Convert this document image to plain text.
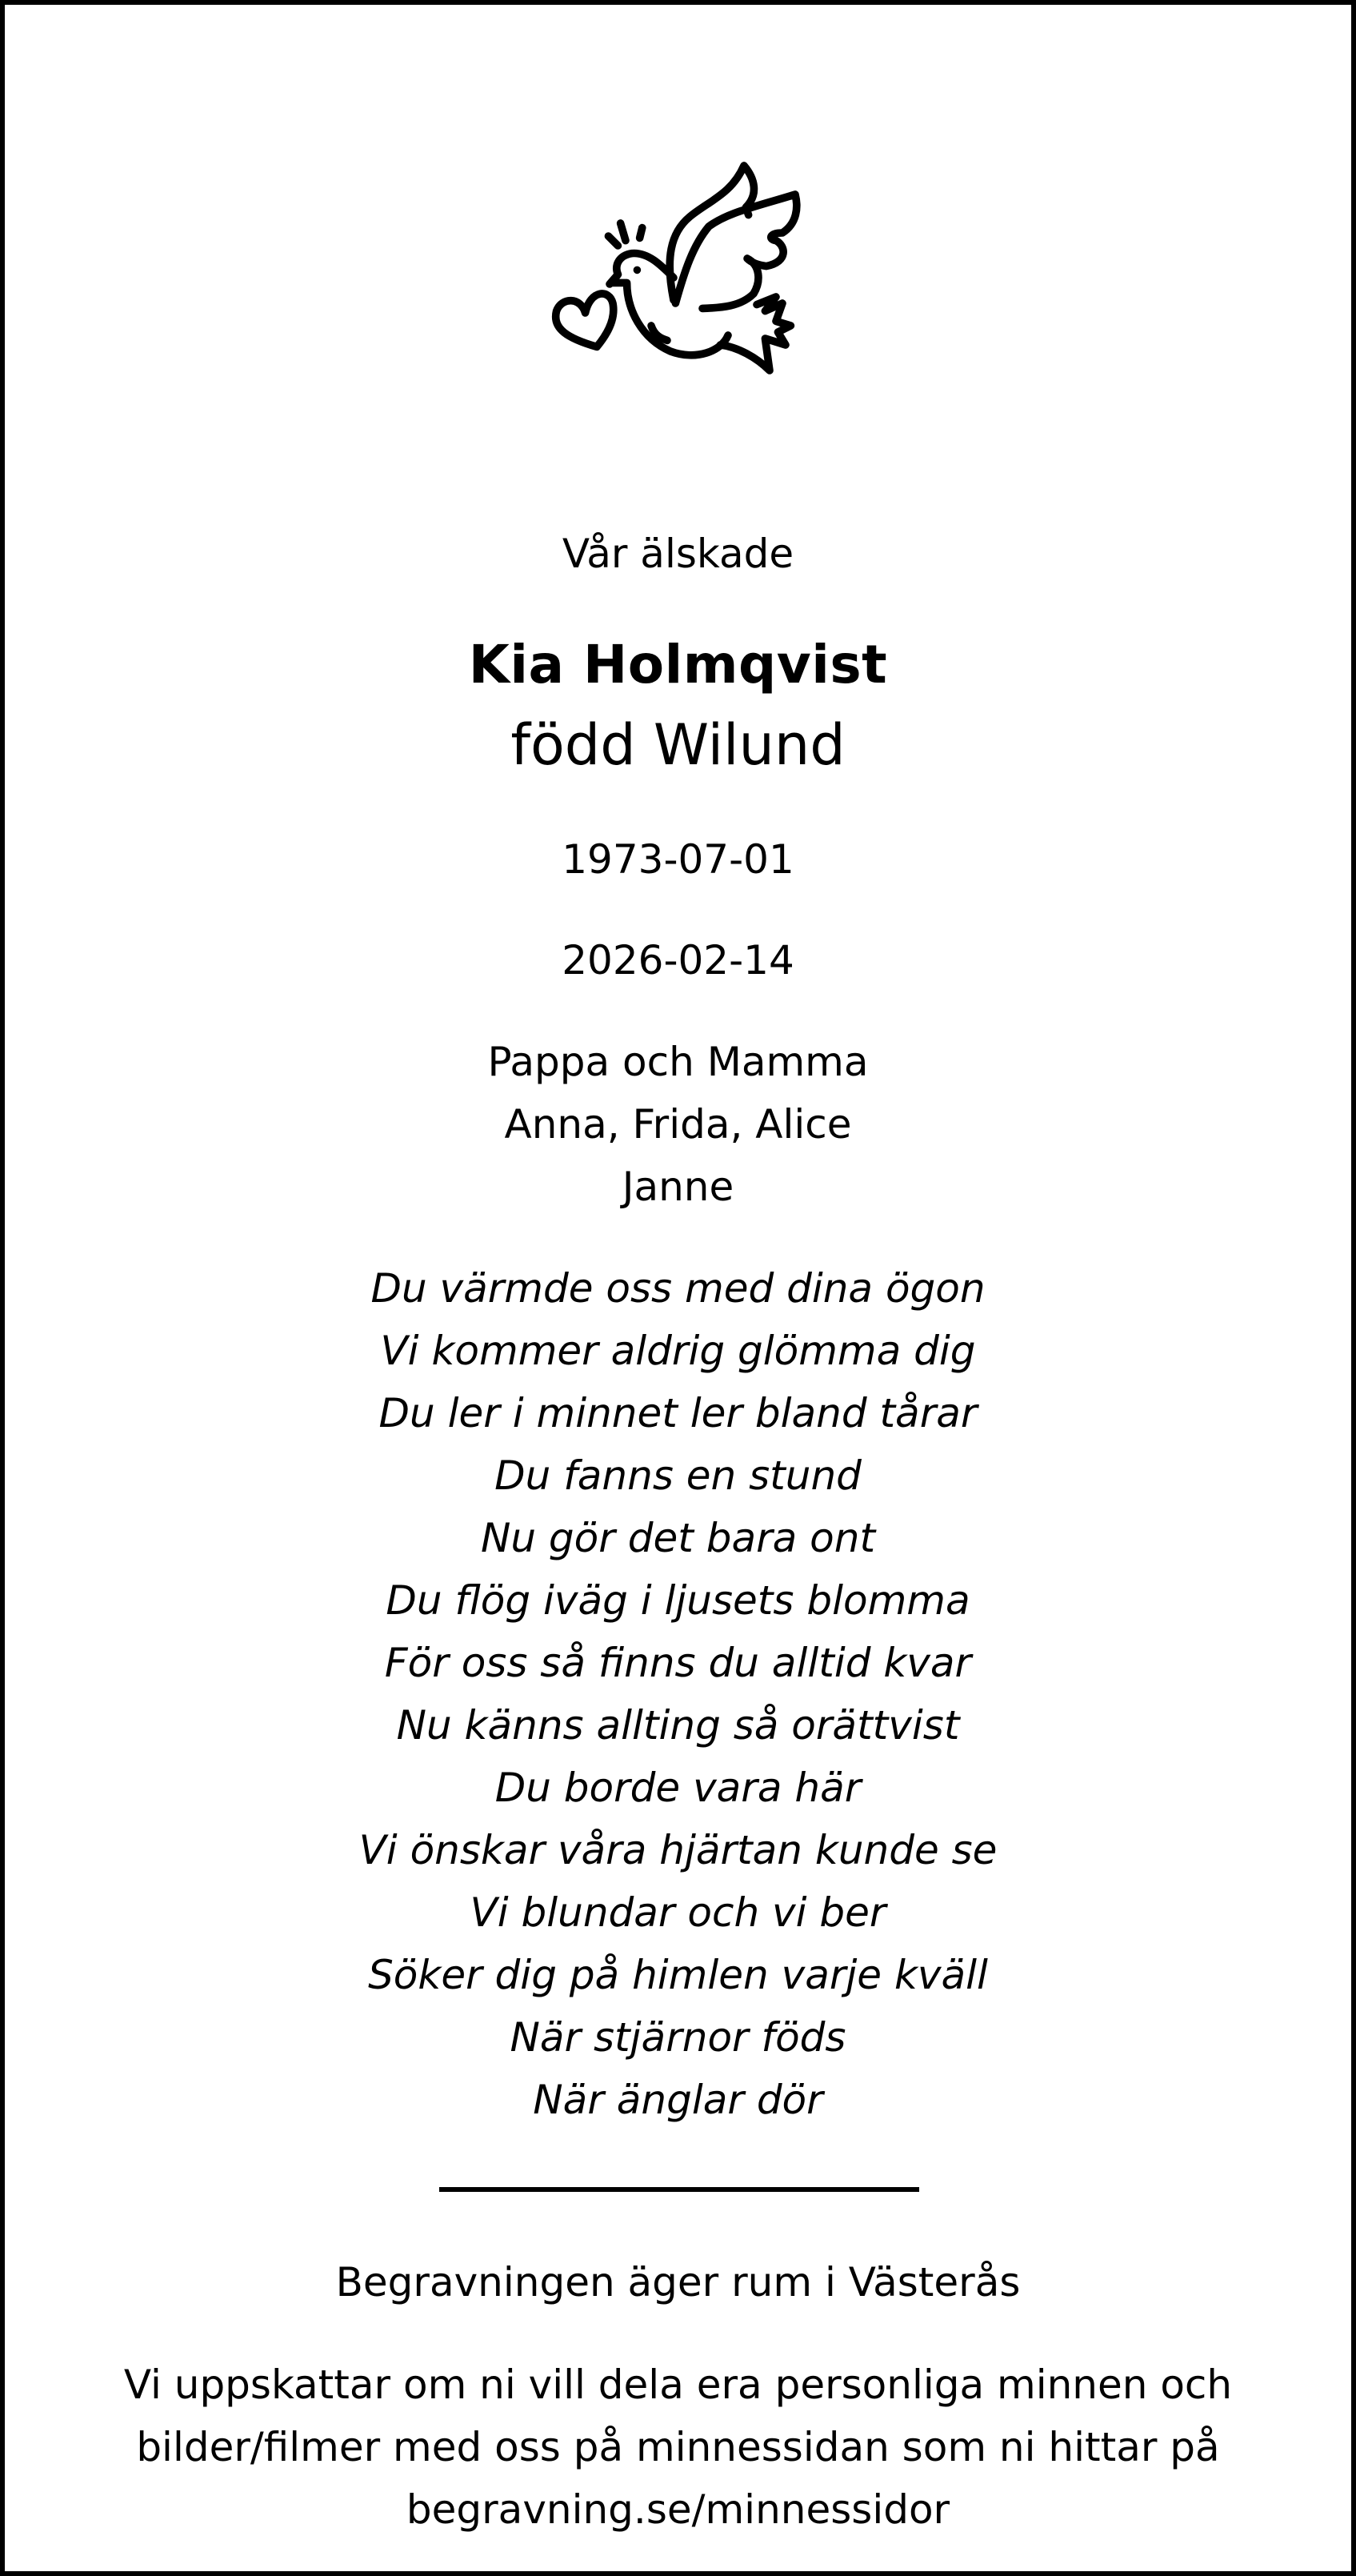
Vår älskade
Kia Holmqvist
född Wilund
1973-07-01
2026-02-14
Pappa och Mamma
Anna, Frida, Alice
Janne
Du värmde oss med dina ögon
Vi kommer aldrig glömma dig
Du ler i minnet ler bland tårar
Du fanns en stund
Nu gör det bara ont
Du flög iväg i ljusets blomma
För oss så finns du alltid kvar
Nu känns allting så orättvist
Du borde vara här
Vi önskar våra hjärtan kunde se
Vi blundar och vi ber
Söker dig på himlen varje kväll
När stjärnor föds
När änglar dör
Begravningen äger rum i Västerås
Vi uppskattar om ni vill dela era personliga minnen och
bilder/filmer med oss på minnessidan som ni hittar på
begravning.se/minnessidor
